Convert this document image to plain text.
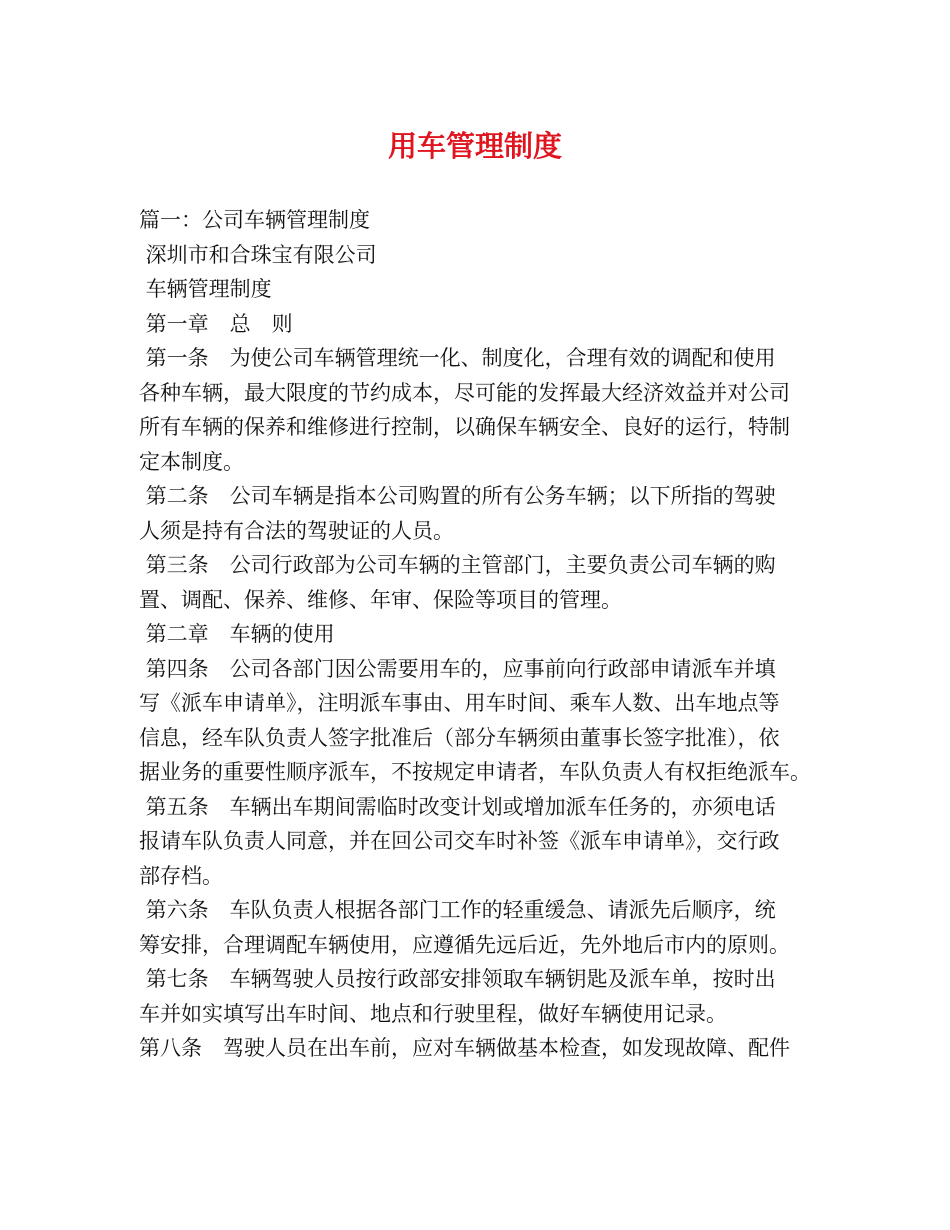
用车管理制度
篇一：公司车辆管理制度
深圳市和合珠宝有限公司
车辆管理制度
第一章　总　则
第一条　为使公司车辆管理统一化、制度化，合理有效的调配和使用
各种车辆，最大限度的节约成本，尽可能的发挥最大经济效益并对公司
所有车辆的保养和维修进行控制，以确保车辆安全、良好的运行，特制
定本制度。
第二条　公司车辆是指本公司购置的所有公务车辆；以下所指的驾驶
人须是持有合法的驾驶证的人员。
第三条　公司行政部为公司车辆的主管部门，主要负责公司车辆的购
置、调配、保养、维修、年审、保险等项目的管理。
第二章　车辆的使用
第四条　公司各部门因公需要用车的，应事前向行政部申请派车并填
写《派车申请单》，注明派车事由、用车时间、乘车人数、出车地点等
信息，经车队负责人签字批准后（部分车辆须由董事长签字批准），依
据业务的重要性顺序派车，不按规定申请者，车队负责人有权拒绝派车。
第五条　车辆出车期间需临时改变计划或增加派车任务的，亦须电话
报请车队负责人同意，并在回公司交车时补签《派车申请单》，交行政
部存档。
第六条　车队负责人根据各部门工作的轻重缓急、请派先后顺序，统
筹安排，合理调配车辆使用，应遵循先远后近，先外地后市内的原则。
第七条　车辆驾驶人员按行政部安排领取车辆钥匙及派车单，按时出
车并如实填写出车时间、地点和行驶里程，做好车辆使用记录。
第八条　驾驶人员在出车前，应对车辆做基本检查，如发现故障、配件
